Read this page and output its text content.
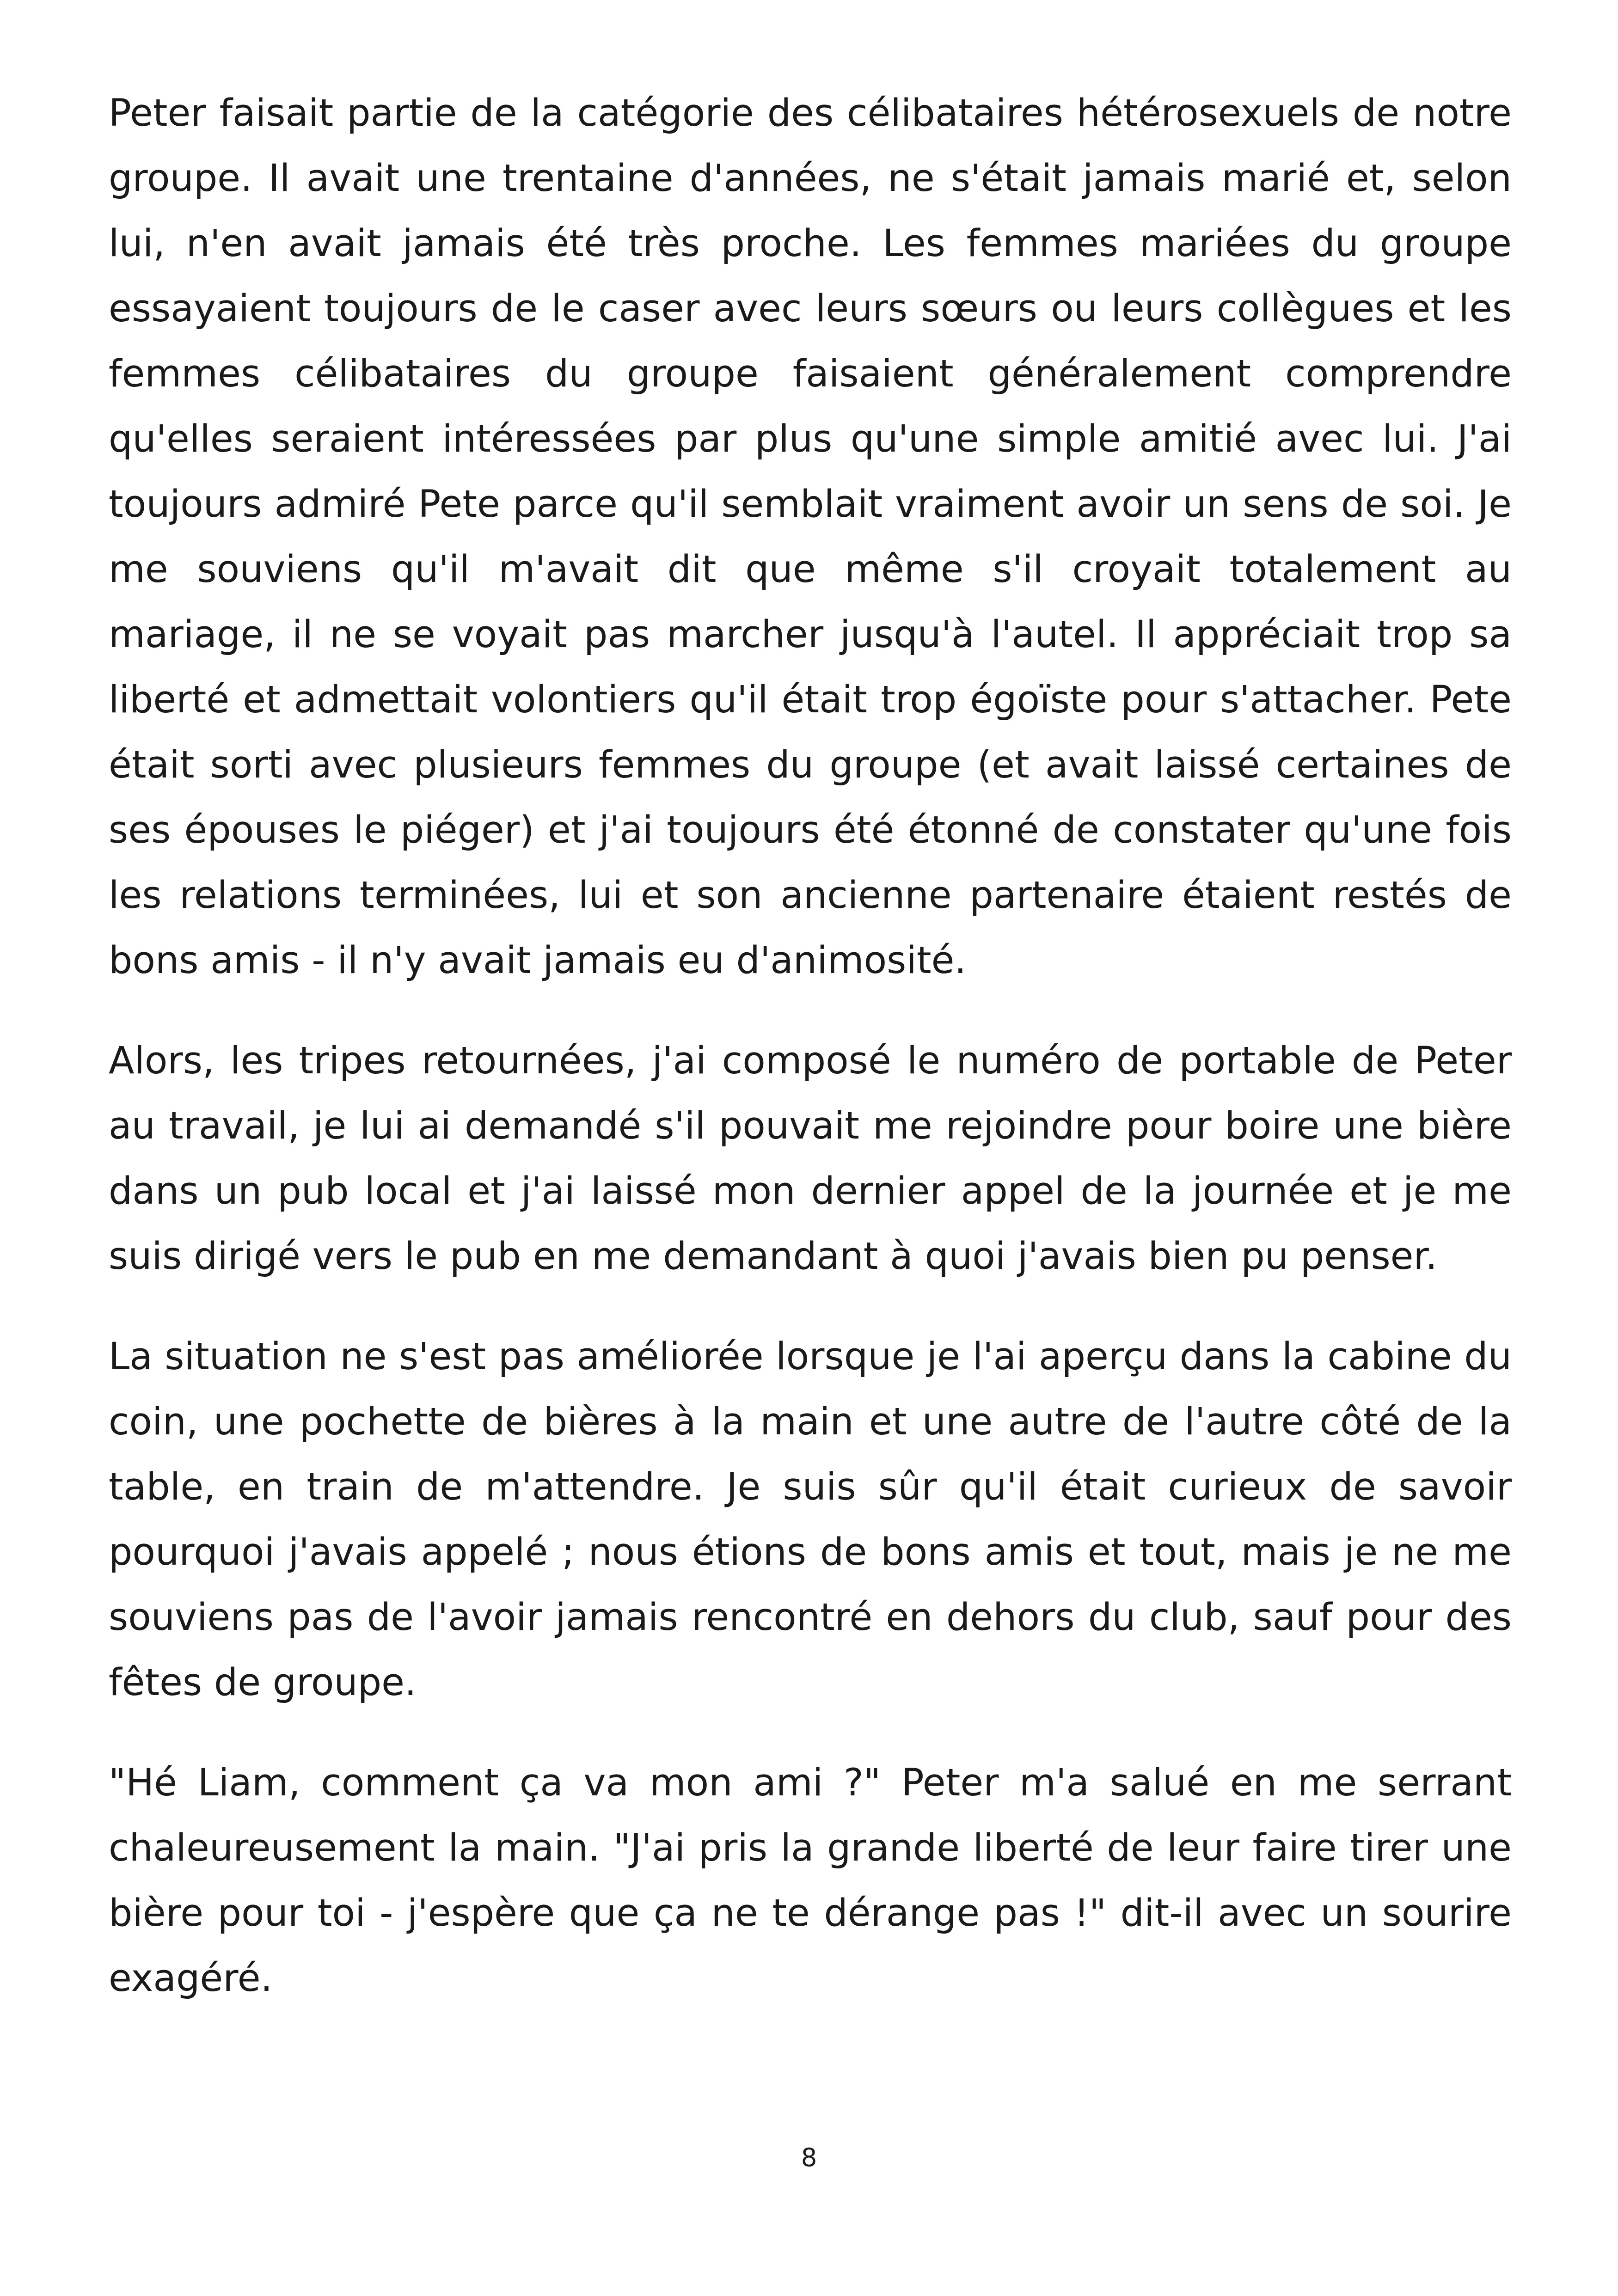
Peter faisait partie de la catégorie des célibataires hétérosexuels de notre groupe. Il avait une trentaine d'années, ne s'était jamais marié et, selon lui, n'en avait jamais été très proche. Les femmes mariées du groupe essayaient toujours de le caser avec leurs sœurs ou leurs collègues et les femmes célibataires du groupe faisaient généralement comprendre qu'elles seraient intéressées par plus qu'une simple amitié avec lui. J'ai toujours admiré Pete parce qu'il semblait vraiment avoir un sens de soi. Je me souviens qu'il m'avait dit que même s'il croyait totalement au mariage, il ne se voyait pas marcher jusqu'à l'autel. Il appréciait trop sa liberté et admettait volontiers qu'il était trop égoïste pour s'attacher. Pete était sorti avec plusieurs femmes du groupe (et avait laissé certaines de ses épouses le piéger) et j'ai toujours été étonné de constater qu'une fois les relations terminées, lui et son ancienne partenaire étaient restés de bons amis - il n'y avait jamais eu d'animosité.

Alors, les tripes retournées, j'ai composé le numéro de portable de Peter au travail, je lui ai demandé s'il pouvait me rejoindre pour boire une bière dans un pub local et j'ai laissé mon dernier appel de la journée et je me suis dirigé vers le pub en me demandant à quoi j'avais bien pu penser.

La situation ne s'est pas améliorée lorsque je l'ai aperçu dans la cabine du coin, une pochette de bières à la main et une autre de l'autre côté de la table, en train de m'attendre. Je suis sûr qu'il était curieux de savoir pourquoi j'avais appelé ; nous étions de bons amis et tout, mais je ne me souviens pas de l'avoir jamais rencontré en dehors du club, sauf pour des fêtes de groupe.

"Hé Liam, comment ça va mon ami ?" Peter m'a salué en me serrant chaleureusement la main. "J'ai pris la grande liberté de leur faire tirer une bière pour toi - j'espère que ça ne te dérange pas !" dit-il avec un sourire exagéré.

8
